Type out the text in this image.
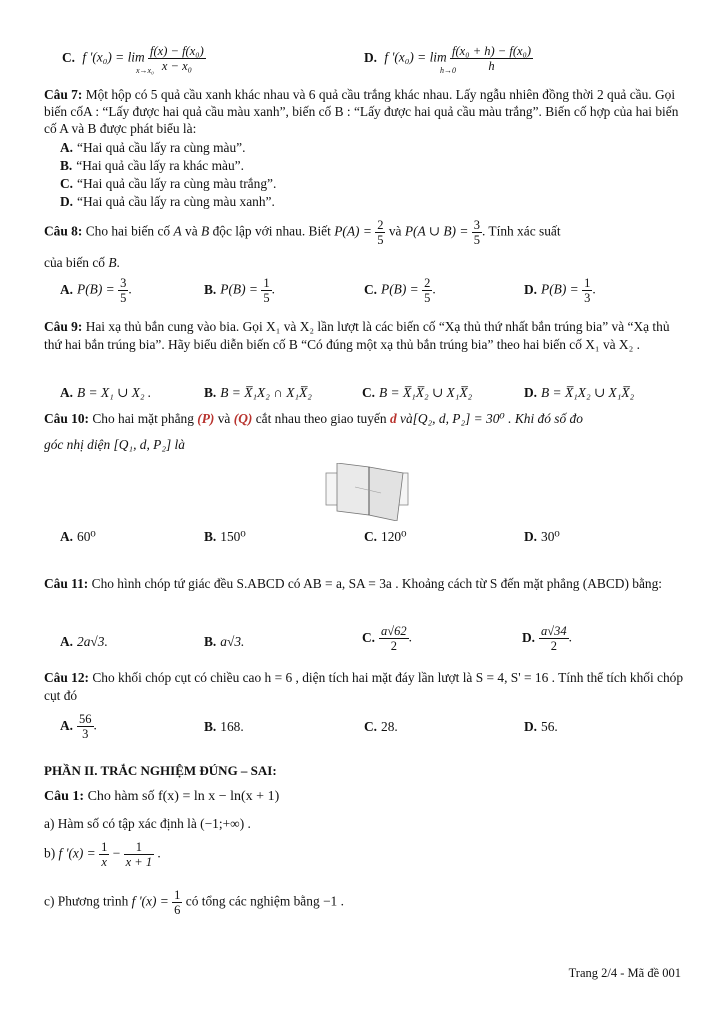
C. f '$(x_0) = \lim \frac{\text{f(x) − f(x₀)}}{\text{x − x₀}}$
x→x₀
D. f '$(x_0) = \lim \frac{\text{f(x₀ + h) − f(x₀)}}{h}$
h→0
Câu 7: Một hộp có 5 quả cầu xanh khác nhau và 6 quả cầu trắng khác nhau. Lấy ngẫu nhiên đồng thời 2 quả cầu. Gọi biến cốA : “Lấy được hai quả cầu màu xanh”, biến cố B : “Lấy được hai quả cầu màu trắng”. Biến cố hợp của hai biến cố A và B được phát biểu là:
A. “Hai quả cầu lấy ra cùng màu”.
B. “Hai quả cầu lấy ra khác màu”.
C. “Hai quả cầu lấy ra cùng màu trắng”.
D. “Hai quả cầu lấy ra cùng màu xanh”.
Câu 8: Cho hai biến cố A và B độc lập với nhau. Biết $P(A) = \frac{2}{5}$ và P(A ∪ $B) = \frac{3}{5}$ . Tính xác suất
của biến cố B.
A. $P(B) = \frac{3}{5}$ .	B. $P(B) = \frac{1}{5}$ .	C. $P(B) = \frac{2}{5}$ .	D. $P(B) = \frac{1}{3}$ .
Câu 9: Hai xạ thủ bắn cung vào bia. Gọi X₁ và X₂ lần lượt là các biến cố “Xạ thủ thứ nhất bắn trúng bia” và “Xạ thủ thứ hai bắn trúng bia”. Hãy biểu diễn biến cố B “Có đúng một xạ thủ bắn trúng bia” theo hai biến cố X₁ và X₂ .
A. B = X₁ ∪ X₂ .	B. B = X̅₁X₂ ∩ X₁X̅₂	C. B = X̅₁X̅₂ ∪ X₁X̅₂	D. B = X̅₁X₂ ∪ X₁X̅₂
Câu 10: Cho hai mặt phẳng (P) và (Q) cắt nhau theo giao tuyến d và[Q₂, d, P₂] = 30⁰ . Khi đó số đo
góc nhị diện [Q₁, d, P₂] là
A. 60⁰	B. 150⁰	C. 120⁰	D. 30⁰
Câu 11: Cho hình chóp tứ giác đều S.ABCD có AB = a, SA = 3a . Khoảng cách từ S đến mặt phẳng (ABCD) bằng:
A. 2a√3.	B. a√3.	C. $\frac{a√62}{2}$ .	D. $\frac{a√34}{2}$ .
Câu 12: Cho khối chóp cụt có chiều cao h = 6 , diện tích hai mặt đáy lần lượt là S = 4, S' = 16 . Tính thể tích khối chóp cụt đó
A. $\frac{56}{3}$ .	B. 168.	C. 28.	D. 56.
PHẦN II. TRẮC NGHIỆM ĐÚNG – SAI:
Câu 1: Cho hàm số f(x) = ln x − ln(x + 1)
a) Hàm số có tập xác định là (−1;+∞) .
b) f '$(x) = \frac{1}{x} - \frac{1}{x + 1}$ .
c) Phương trình f '$(x) = \frac{1}{6}$ có tổng các nghiệm bằng −1 .
Trang 2/4 - Mã đề 001
